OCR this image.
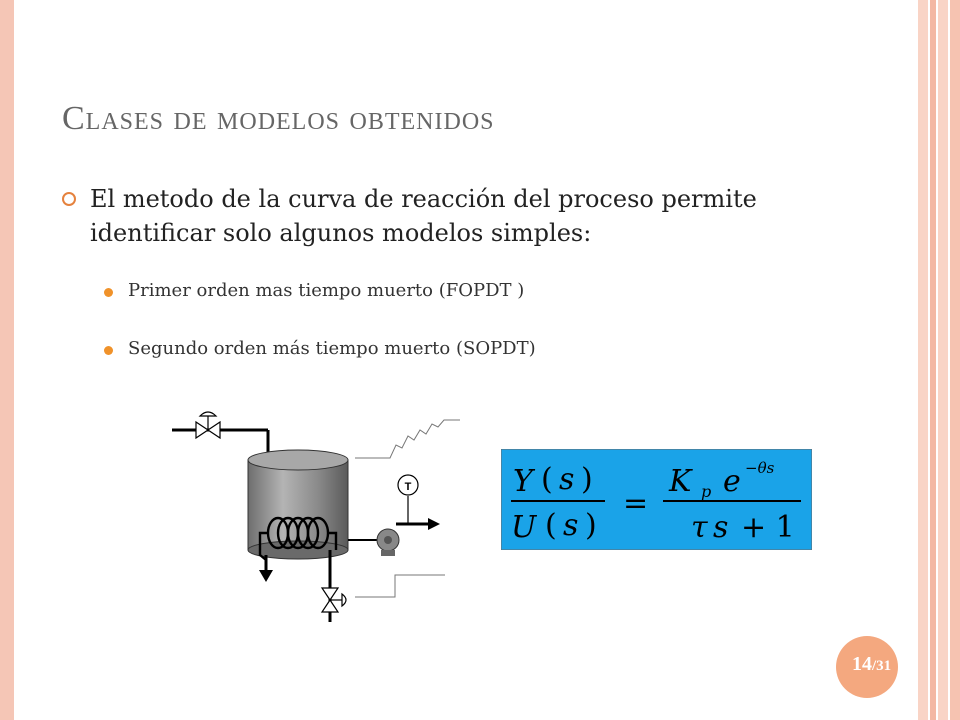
Clases de modelos obtenidos
El metodo de la curva de reacción del proceso permite identificar solo algunos modelos simples:
Primer orden mas tiempo muerto (FOPDT )
Segundo orden más tiempo muerto (SOPDT)
T	Y ( s )
U ( s )
=
K p e −θs
τ s + 1
14 /31
